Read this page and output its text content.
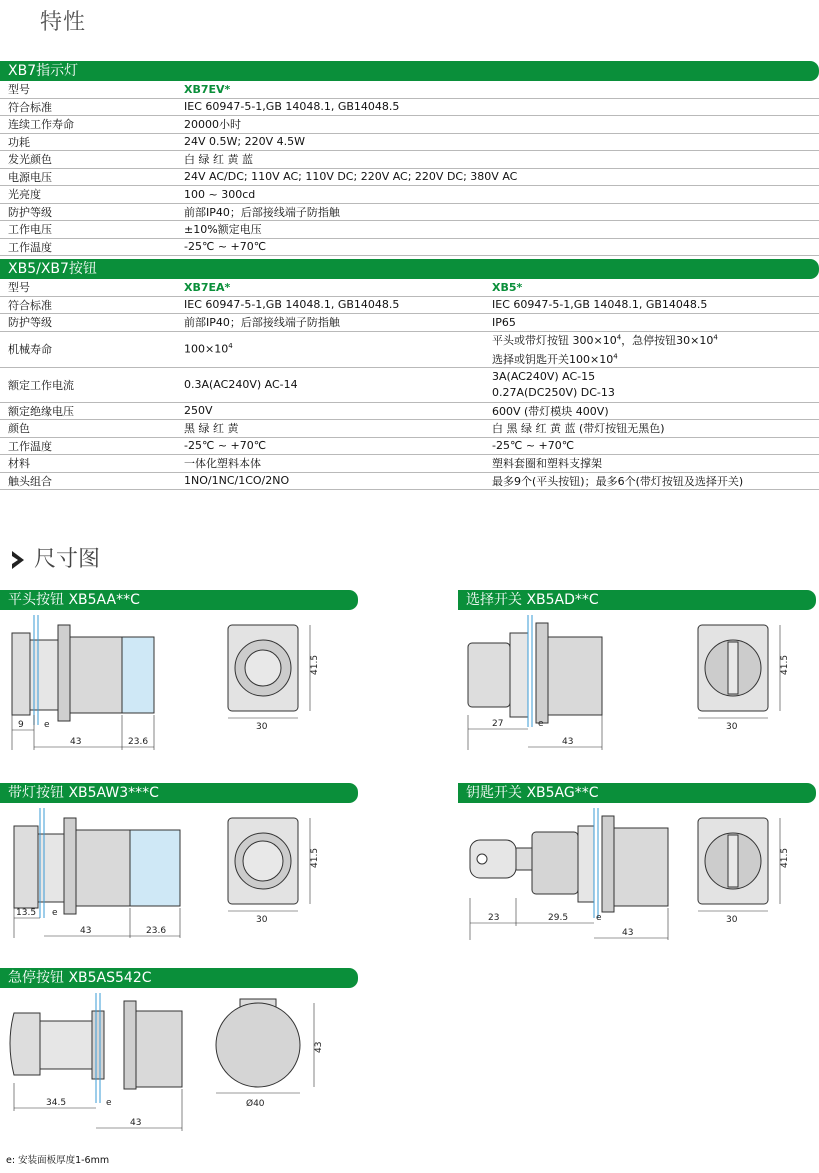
特性
XB7指示灯
型号	XB7EV*
符合标准	IEC 60947-5-1,GB 14048.1, GB14048.5
连续工作寿命	20000小时
功耗	24V 0.5W; 220V 4.5W
发光颜色	白 绿 红 黄 蓝
电源电压	24V AC/DC; 110V AC; 110V DC; 220V AC; 220V DC; 380V AC
光亮度	100 ~ 300cd
防护等级	前部IP40；后部接线端子防指触
工作电压	±10%额定电压
工作温度	-25℃ ~ +70℃
XB5/XB7按钮
型号	XB7EA*	XB5*

符合标准	IEC 60947-5-1,GB 14048.1, GB14048.5	IEC 60947-5-1,GB 14048.1, GB14048.5

防护等级	前部IP40；后部接线端子防指触	IP65

机械寿命	$100\times 10^4$	平头或带灯按钮 $300\times 10^4$，急停按钮$30\times 10^4$
选择或钥匙开关$100\times 10^4$

额定工作电流	0.3A(AC240V) AC-14	3A(AC240V) AC-15
0.27A(DC250V) DC-13

额定绝缘电压	250V	600V (带灯模块 400V)

颜色	黑 绿 红 黄	白 黑 绿 红 黄 蓝 (带灯按钮无黑色)

工作温度	-25℃ ~ +70℃	-25℃ ~ +70℃

材料	一体化塑料本体	塑料套圈和塑料支撑架

触头组合	1NO/1NC/1CO/2NO	最多9个(平头按钮)；最多6个(带灯按钮及选择开关)
尺寸图
平头按钮 XB5AA**C	选择开关 XB5AD**C
带灯按钮 XB5AW3***C	钥匙开关 XB5AG**C
急停按钮 XB5AS542C
9 e
43	23.6
30
41.5
27	e
43
30
41.5
13.5 e
43	23.6
30
41.5
23	29.5	e
43
30
41.5
34.5	e
43
Ø40
43
e: 安装面板厚度1-6mm
